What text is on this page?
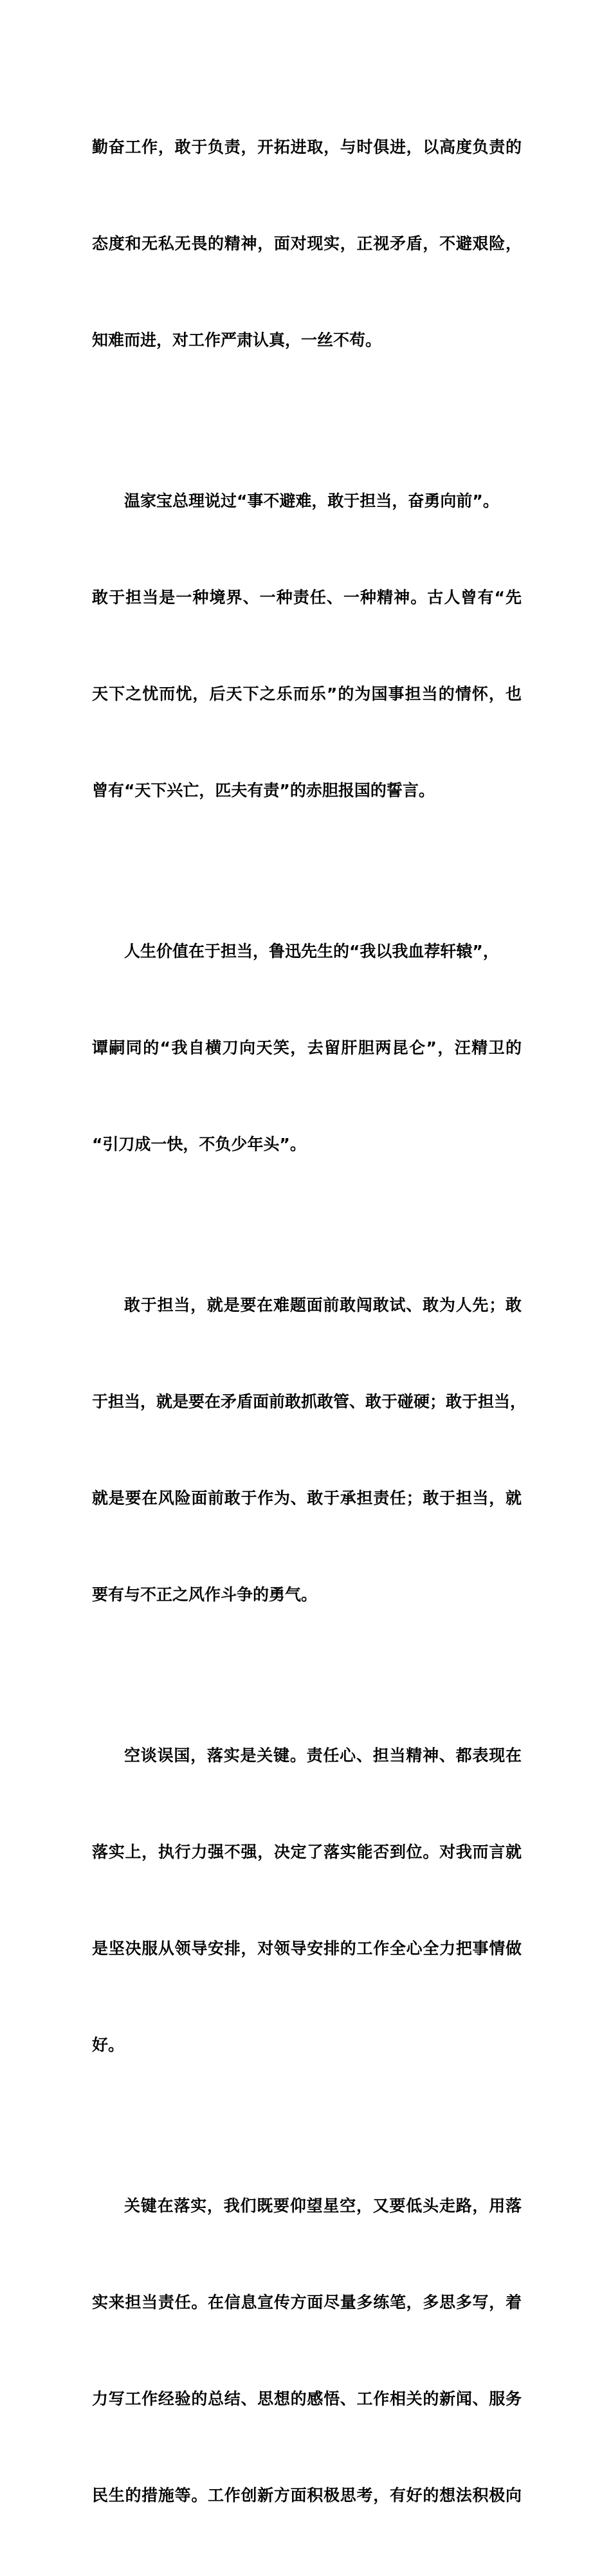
勤奋工作，敢于负责，开拓进取，与时俱进，以高度负责的

态度和无私无畏的精神，面对现实，正视矛盾，不避艰险，

知难而进，对工作严肃认真，一丝不苟。

温家宝总理说过“事不避难，敢于担当，奋勇向前”。

敢于担当是一种境界、一种责任、一种精神。古人曾有“先

天下之忧而忧，后天下之乐而乐”的为国事担当的情怀，也

曾有“天下兴亡，匹夫有责”的赤胆报国的誓言。

人生价值在于担当，鲁迅先生的“我以我血荐轩辕”，

谭嗣同的“我自横刀向天笑，去留肝胆两昆仑”，汪精卫的

“引刀成一快，不负少年头”。

敢于担当，就是要在难题面前敢闯敢试、敢为人先；敢

于担当，就是要在矛盾面前敢抓敢管、敢于碰硬；敢于担当，

就是要在风险面前敢于作为、敢于承担责任；敢于担当，就

要有与不正之风作斗争的勇气。

空谈误国，落实是关键。责任心、担当精神、都表现在

落实上，执行力强不强，决定了落实能否到位。对我而言就

是坚决服从领导安排，对领导安排的工作全心全力把事情做

好。

关键在落实，我们既要仰望星空，又要低头走路，用落

实来担当责任。在信息宣传方面尽量多练笔，多思多写，着

力写工作经验的总结、思想的感悟、工作相关的新闻、服务

民生的措施等。工作创新方面积极思考，有好的想法积极向
